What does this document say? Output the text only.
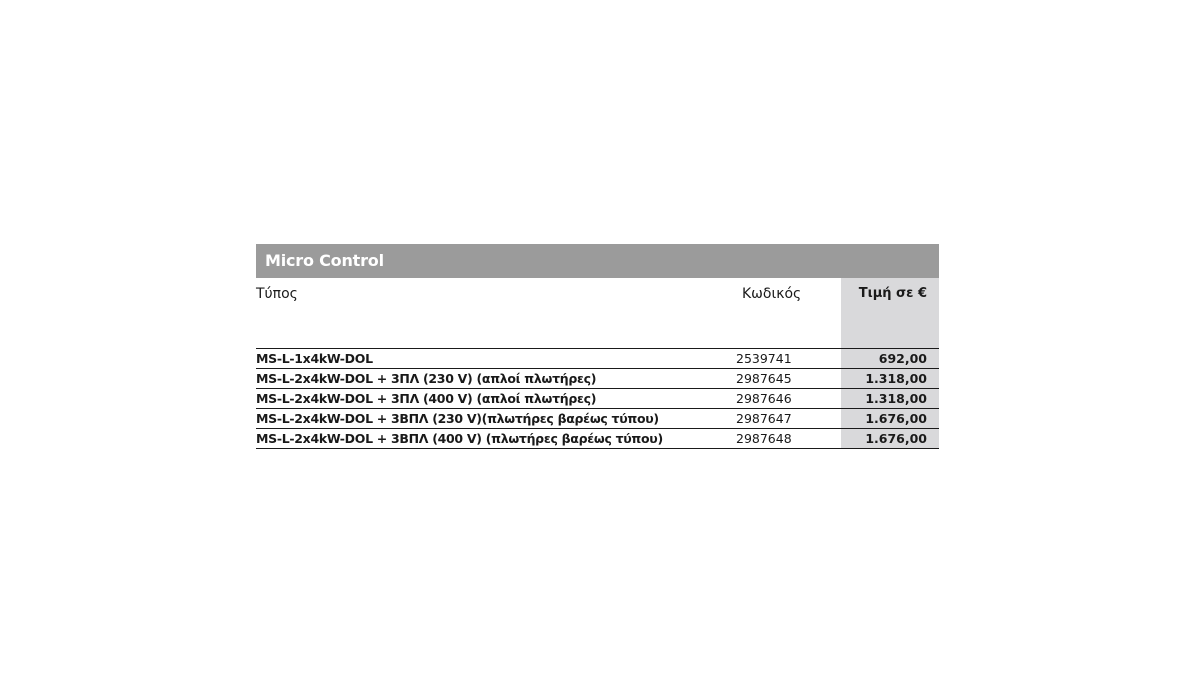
Micro Control
Τύπος	Κωδικός	Τιμή σε €
MS-L-1x4kW-DOL	2539741	692,00
MS-L-2x4kW-DOL + 3ΠΛ (230 V) (απλοί πλωτήρες)	2987645	1.318,00
MS-L-2x4kW-DOL + 3ΠΛ (400 V) (απλοί πλωτήρες)	2987646	1.318,00
MS-L-2x4kW-DOL + 3ΒΠΛ (230 V)(πλωτήρες βαρέως τύπου)	2987647	1.676,00
MS-L-2x4kW-DOL + 3ΒΠΛ (400 V) (πλωτήρες βαρέως τύπου)	2987648	1.676,00
